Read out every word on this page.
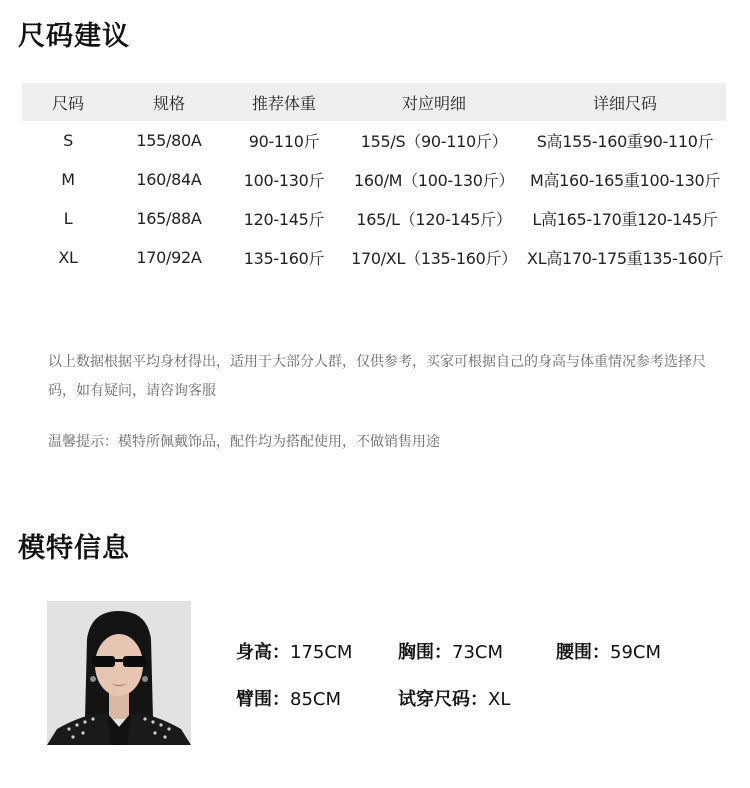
尺码建议
尺码	规格	推荐体重	对应明细	详细尺码
S	155/80A	90-110斤	155/S（90-110斤）	S高155-160重90-110斤
M	160/84A	100-130斤	160/M（100-130斤）	M高160-165重100-130斤
L	165/88A	120-145斤	165/L（120-145斤）	L高165-170重120-145斤
XL	170/92A	135-160斤	170/XL（135-160斤）	XL高170-175重135-160斤

以上数据根据平均身材得出，适用于大部分人群，仅供参考，买家可根据自己的身高与体重情况参考选择尺码，如有疑问，请咨询客服

温馨提示：模特所佩戴饰品，配件均为搭配使用，不做销售用途

模特信息
身高：175CM	胸围：73CM	腰围：59CM
臂围：85CM	试穿尺码：XL
